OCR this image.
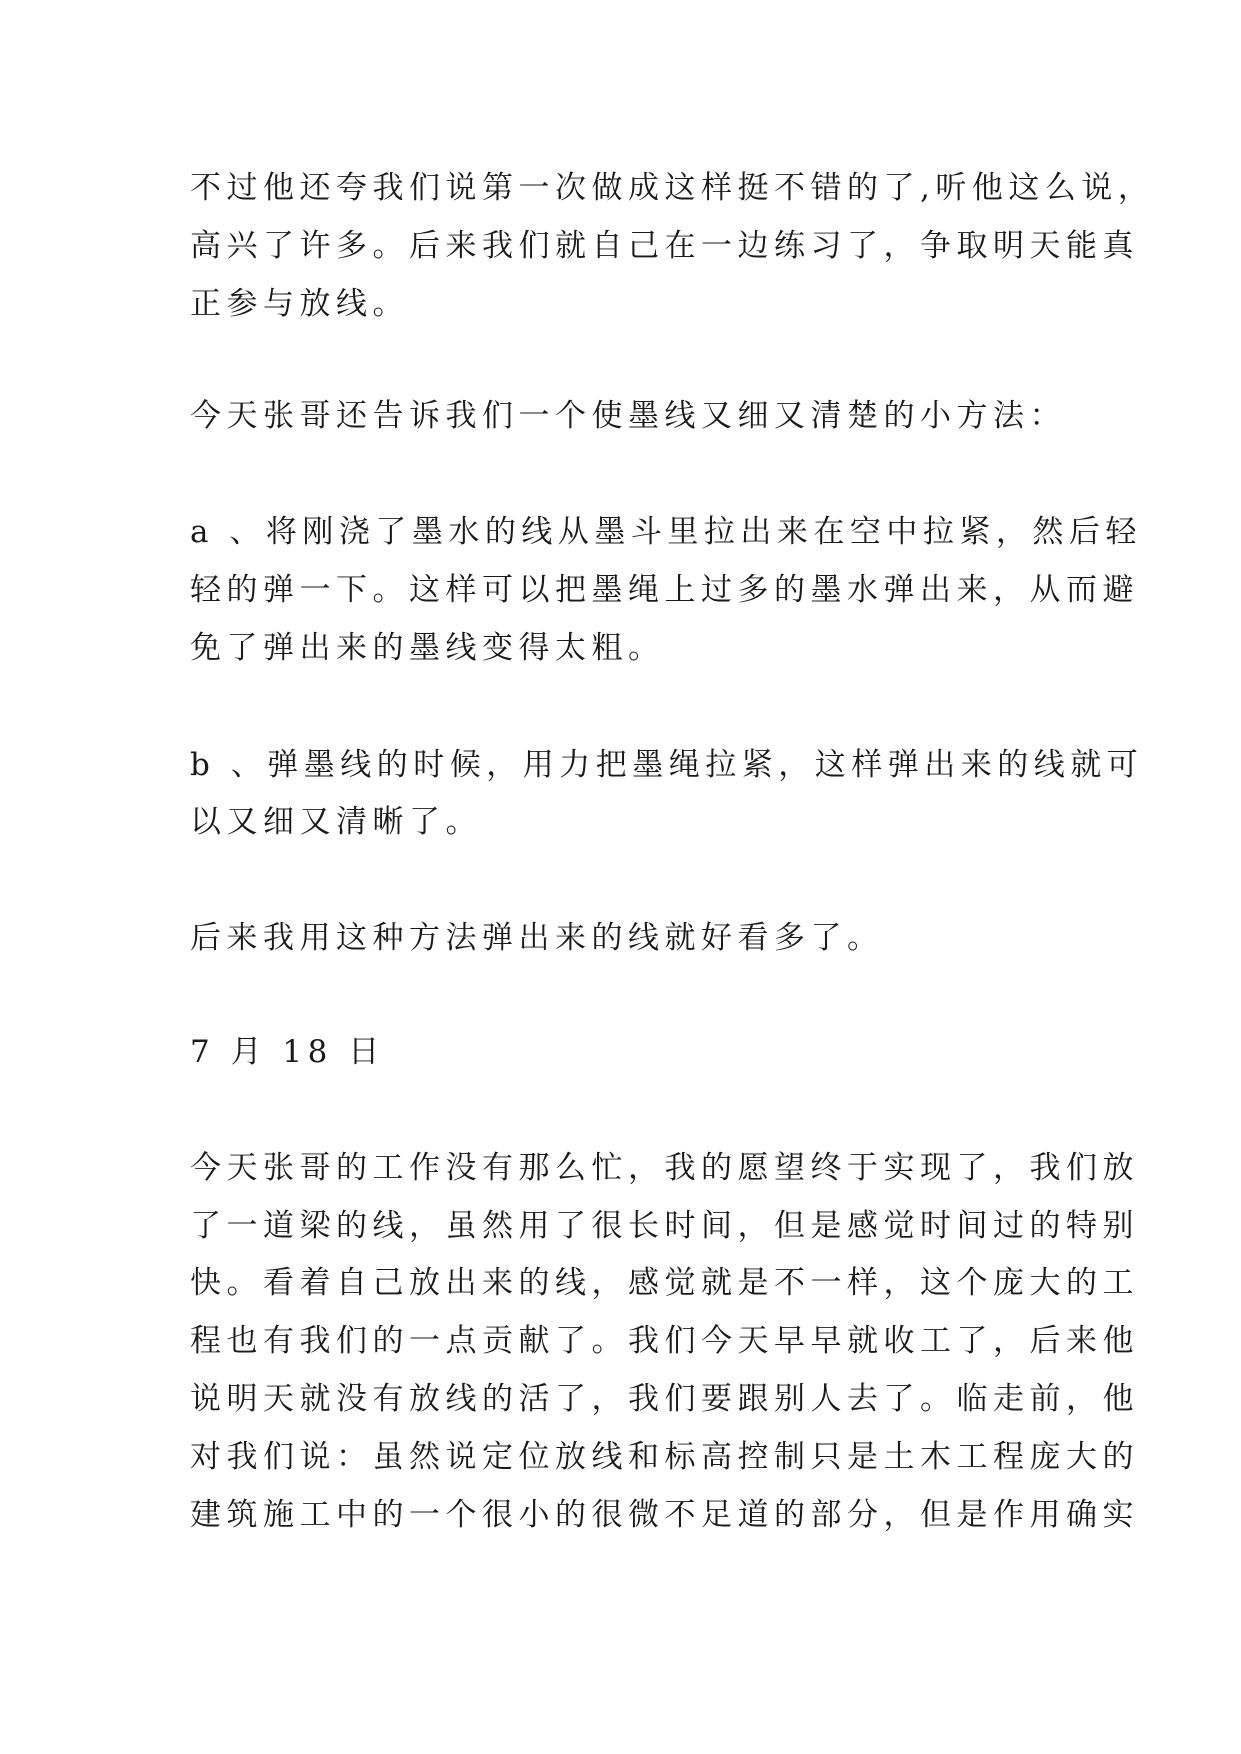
不过他还夸我们说第一次做成这样挺不错的了,听他这么说，
高兴了许多。后来我们就自己在一边练习了，争取明天能真
正参与放线。
今天张哥还告诉我们一个使墨线又细又清楚的小方法：
a 、将刚浇了墨水的线从墨斗里拉出来在空中拉紧，然后轻
轻的弹一下。这样可以把墨绳上过多的墨水弹出来，从而避
免了弹出来的墨线变得太粗。
b 、弹墨线的时候，用力把墨绳拉紧，这样弹出来的线就可
以又细又清晰了。
后来我用这种方法弹出来的线就好看多了。
7 月 18 日
今天张哥的工作没有那么忙，我的愿望终于实现了，我们放
了一道梁的线，虽然用了很长时间，但是感觉时间过的特别
快。看着自己放出来的线，感觉就是不一样，这个庞大的工
程也有我们的一点贡献了。我们今天早早就收工了，后来他
说明天就没有放线的活了，我们要跟别人去了。临走前，他
对我们说：虽然说定位放线和标高控制只是土木工程庞大的
建筑施工中的一个很小的很微不足道的部分，但是作用确实
